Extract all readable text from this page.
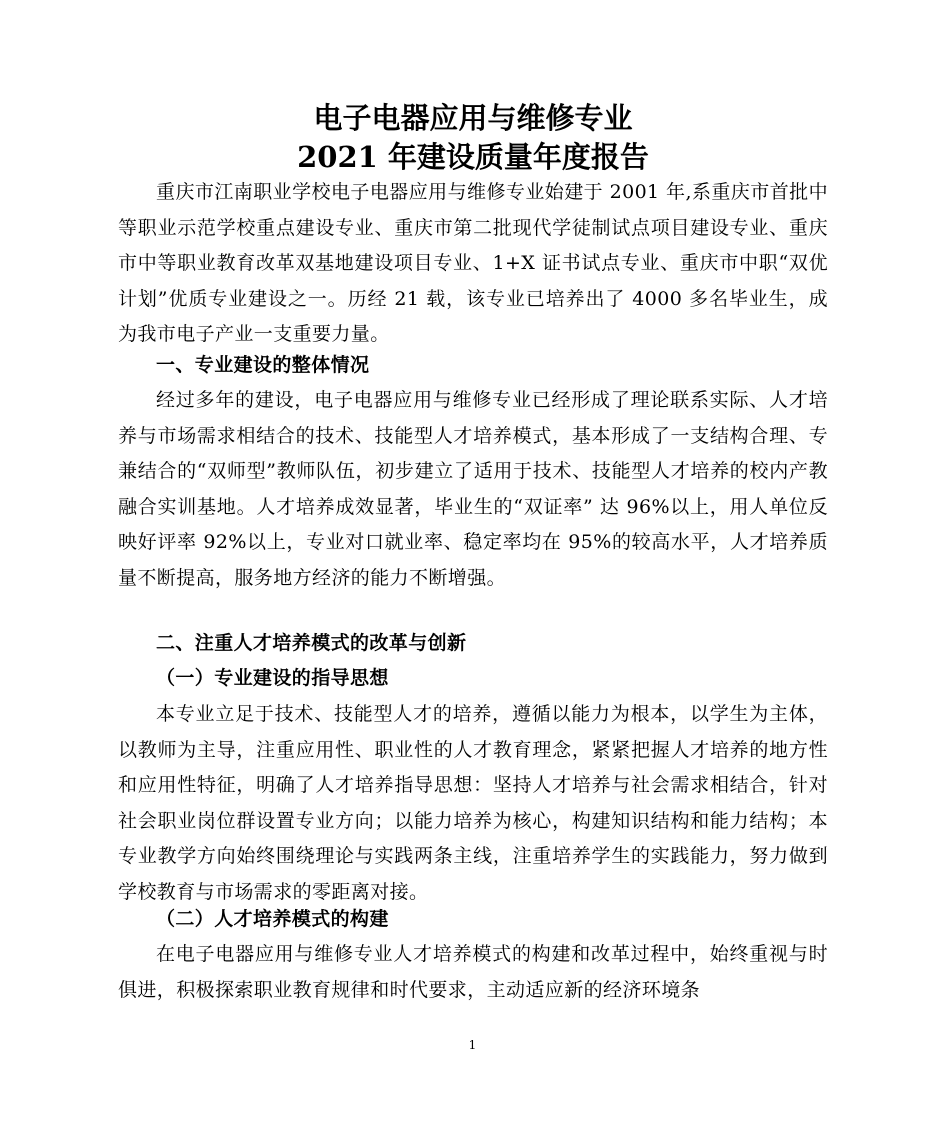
电子电器应用与维修专业
2021 年建设质量年度报告
重庆市江南职业学校电子电器应用与维修专业始建于 2001 年,系重庆市首批中等职业示范学校重点建设专业、重庆市第二批现代学徒制试点项目建设专业、重庆市中等职业教育改革双基地建设项目专业、1+X 证书试点专业、重庆市中职“双优计划”优质专业建设之一。历经 21 载，该专业已培养出了 4000 多名毕业生，成为我市电子产业一支重要力量。
一、专业建设的整体情况
经过多年的建设，电子电器应用与维修专业已经形成了理论联系实际、人才培养与市场需求相结合的技术、技能型人才培养模式，基本形成了一支结构合理、专兼结合的“双师型”教师队伍，初步建立了适用于技术、技能型人才培养的校内产教融合实训基地。人才培养成效显著，毕业生的“双证率” 达 96%以上，用人单位反映好评率 92%以上，专业对口就业率、稳定率均在 95%的较高水平，人才培养质量不断提高，服务地方经济的能力不断增强。
二、注重人才培养模式的改革与创新
（一）专业建设的指导思想
本专业立足于技术、技能型人才的培养，遵循以能力为根本，以学生为主体，以教师为主导，注重应用性、职业性的人才教育理念，紧紧把握人才培养的地方性和应用性特征，明确了人才培养指导思想：坚持人才培养与社会需求相结合，针对社会职业岗位群设置专业方向；以能力培养为核心，构建知识结构和能力结构；本专业教学方向始终围绕理论与实践两条主线，注重培养学生的实践能力，努力做到学校教育与市场需求的零距离对接。
（二）人才培养模式的构建
在电子电器应用与维修专业人才培养模式的构建和改革过程中，始终重视与时俱进，积极探索职业教育规律和时代要求，主动适应新的经济环境条
1
